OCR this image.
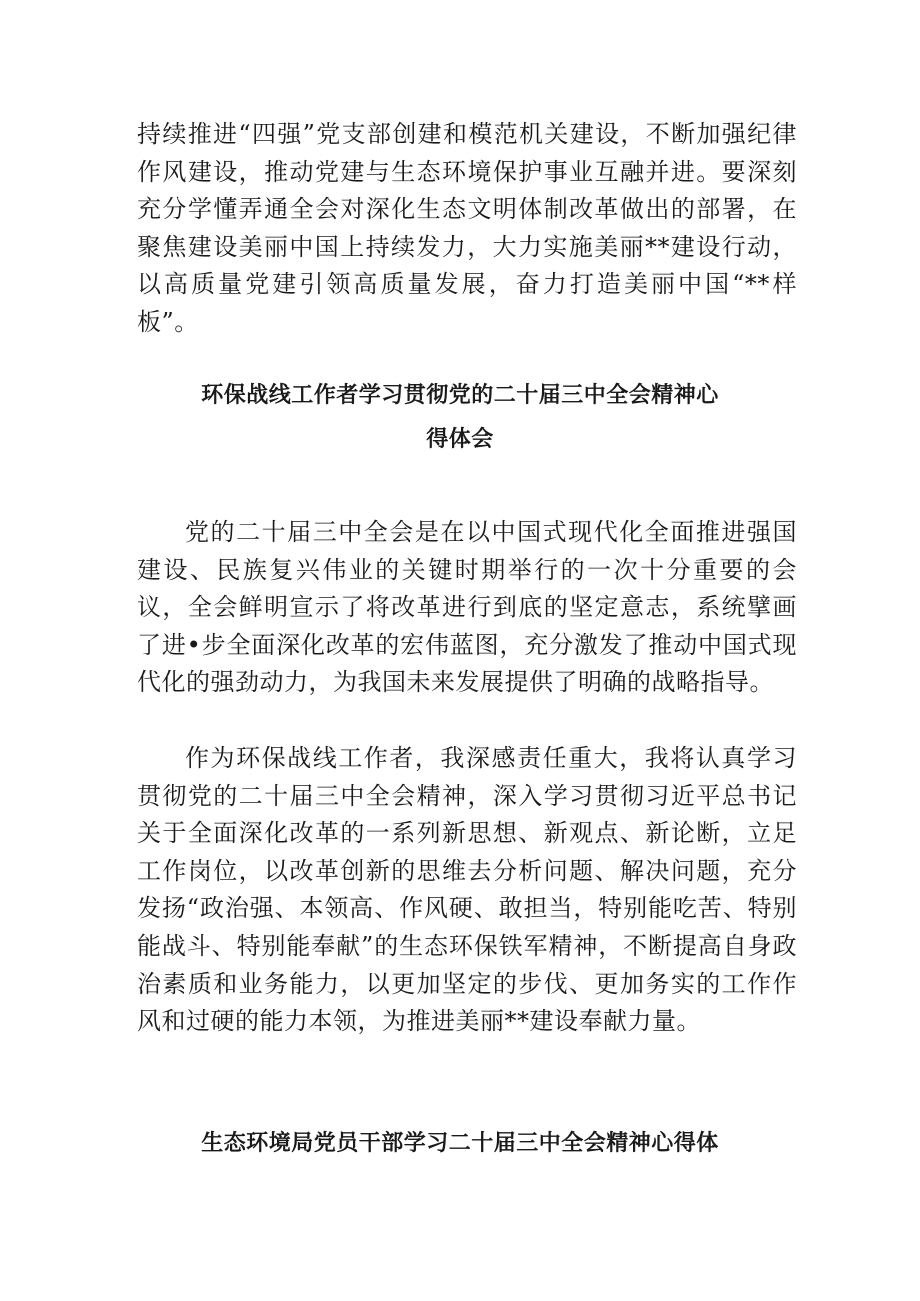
持续推进“四强”党支部创建和模范机关建设，不断加强纪律作风建设，推动党建与生态环境保护事业互融并进。要深刻充分学懂弄通全会对深化生态文明体制改革做出的部署，在聚焦建设美丽中国上持续发力，大力实施美丽**建设行动，以高质量党建引领高质量发展，奋力打造美丽中国“**样板”。

环保战线工作者学习贯彻党的二十届三中全会精神心
得体会

党的二十届三中全会是在以中国式现代化全面推进强国建设、民族复兴伟业的关键时期举行的一次十分重要的会议，全会鲜明宣示了将改革进行到底的坚定意志，系统擘画了进•步全面深化改革的宏伟蓝图，充分激发了推动中国式现代化的强劲动力，为我国未来发展提供了明确的战略指导。

作为环保战线工作者，我深感责任重大，我将认真学习贯彻党的二十届三中全会精神，深入学习贯彻习近平总书记关于全面深化改革的一系列新思想、新观点、新论断，立足工作岗位，以改革创新的思维去分析问题、解决问题，充分发扬“政治强、本领高、作风硬、敢担当，特别能吃苦、特别能战斗、特别能奉献”的生态环保铁军精神，不断提高自身政治素质和业务能力，以更加坚定的步伐、更加务实的工作作风和过硬的能力本领，为推进美丽**建设奉献力量。

生态环境局党员干部学习二十届三中全会精神心得体
